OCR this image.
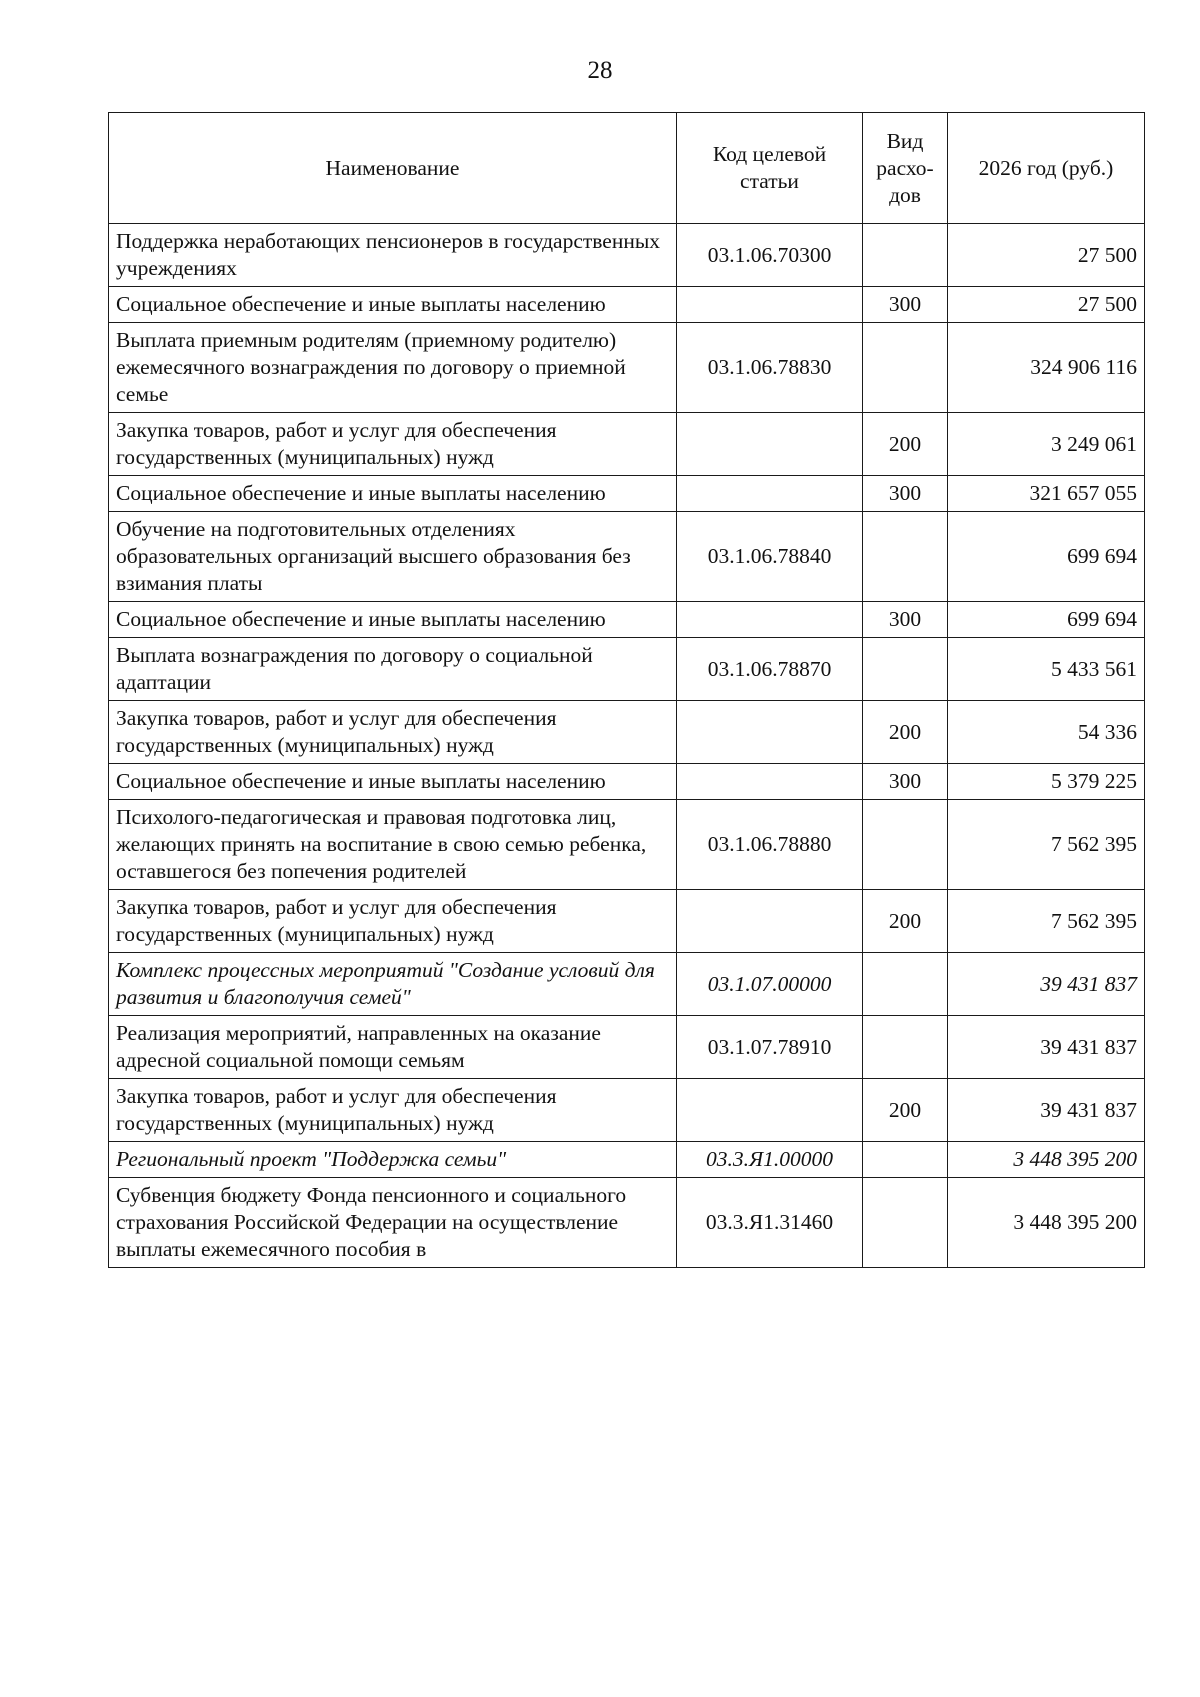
28
Наименование	Код целевой статьи	Вид расхо-дов	2026 год (руб.)
Поддержка неработающих пенсионеров в государственных учреждениях	03.1.06.70300		27 500
Социальное обеспечение и иные выплаты населению		300	27 500
Выплата приемным родителям (приемному родителю) ежемесячного вознаграждения по договору о приемной семье	03.1.06.78830		324 906 116
Закупка товаров, работ и услуг для обеспечения государственных (муниципальных) нужд		200	3 249 061
Социальное обеспечение и иные выплаты населению		300	321 657 055
Обучение на подготовительных отделениях образовательных организаций высшего образования без взимания платы	03.1.06.78840		699 694
Социальное обеспечение и иные выплаты населению		300	699 694
Выплата вознаграждения по договору о социальной адаптации	03.1.06.78870		5 433 561
Закупка товаров, работ и услуг для обеспечения государственных (муниципальных) нужд		200	54 336
Социальное обеспечение и иные выплаты населению		300	5 379 225
Психолого-педагогическая и правовая подготовка лиц, желающих принять на воспитание в свою семью ребенка, оставшегося без попечения родителей	03.1.06.78880		7 562 395
Закупка товаров, работ и услуг для обеспечения государственных (муниципальных) нужд		200	7 562 395
Комплекс процессных мероприятий "Создание условий для развития и благополучия семей"	03.1.07.00000		39 431 837
Реализация мероприятий, направленных на оказание адресной социальной помощи семьям	03.1.07.78910		39 431 837
Закупка товаров, работ и услуг для обеспечения государственных (муниципальных) нужд		200	39 431 837
Региональный проект "Поддержка семьи"	03.3.Я1.00000		3 448 395 200
Субвенция бюджету Фонда пенсионного и социального страхования Российской Федерации на осуществление выплаты ежемесячного пособия в	03.3.Я1.31460		3 448 395 200
